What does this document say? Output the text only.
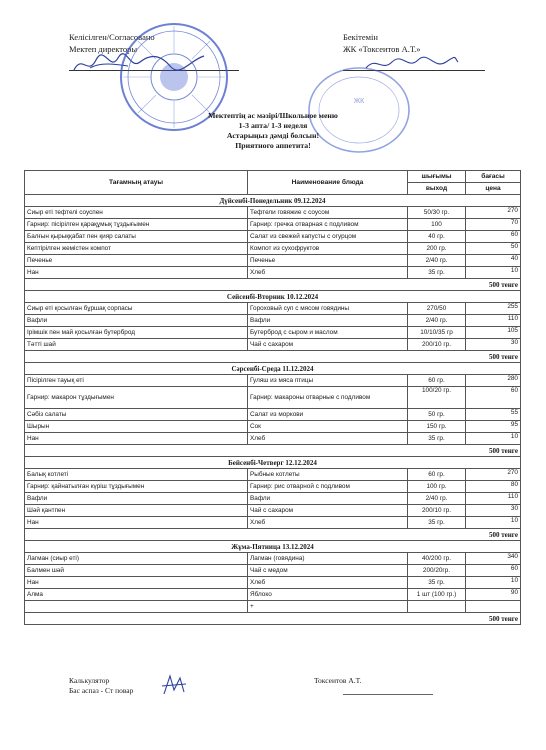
Келісілген/Согласовано
Мектеп директоры
Бекітемін
ЖК «Токсеитов А.Т.»
ЖК
Мектептің ас мәзірі/Школьное меню
1-3 апта/ 1-3 неделя
Астарыңыз дәмді болсын!
Приятного аппетита!
Тағамның атауы	Наименование блюда	шығымы	бағасы
		выход	цена
Дүйсенбі-Понедельник 09.12.2024			
Сиыр еті тефтелі соуспен	Тефтели говяжие с соусом	50/30 гр.	270
Гарнир: пісірілген қарақұмық тұздығымен	Гарнир: гречка отварная с подливом	100	70
Балғын қырыққабат пен қияр салаты	Салат из свежей капусты с огурцом	40 гр.	60
Кептірілген жемістен компот	Компот из сухофруктов	200 гр.	50
Печенье	Печенье	2/40 гр.	40
Нан	Хлеб	35 гр.	10
500 тенге			
Сейсенбі-Вторник 10.12.2024			
Сиыр еті қосылған бұршақ сорпасы	Гороховый суп с мясом говядины	270/50	255
Вафли	Вафли	2/40 гр.	110
Ірімшік пен май қосылған бутерброд	Бутерброд с сыром и маслом	10/10/35 гр	105
Тәтті шай	Чай с сахаром	200/10 гр.	30
500 тенге			
Сәрсенбі-Среда 11.12.2024			
Пісірілген тауық еті	Гуляш из мяса птицы	60 гр.	280
Гарнир: макарон тұздығымен	Гарнир: макароны отварные с подливом	100/20 гр.	60
Сәбіз салаты	Салат из моркови	50 гр.	55
Шырын	Сок	150 гр.	95
Нан	Хлеб	35 гр.	10
500 тенге			
Бейсенбі-Четверг 12.12.2024			
Балық котлеті	Рыбные котлеты	60 гр.	270
Гарнир: қайнатылған күріш тұздығымен	Гарнир: рис отварной с подливом	100 гр.	80
Вафли	Вафли	2/40 гр.	110
Шәй қантпен	Чай с сахаром	200/10 гр.	30
Нан	Хлеб	35 гр.	10
500 тенге			
Жұма-Пятница 13.12.2024			
Лагман (сиыр еті)	Лагман (говядина)	40/200 гр.	340
Балмен шәй	Чай с медом	200/20гр.	60
Нан	Хлеб	35 гр.	10
Алма	Яблоко	1 шт (100 гр.)	90
	+		
500 тенге			
Калькулятор
Бас аспаз - Ст повар
Токсеитов А.Т.
